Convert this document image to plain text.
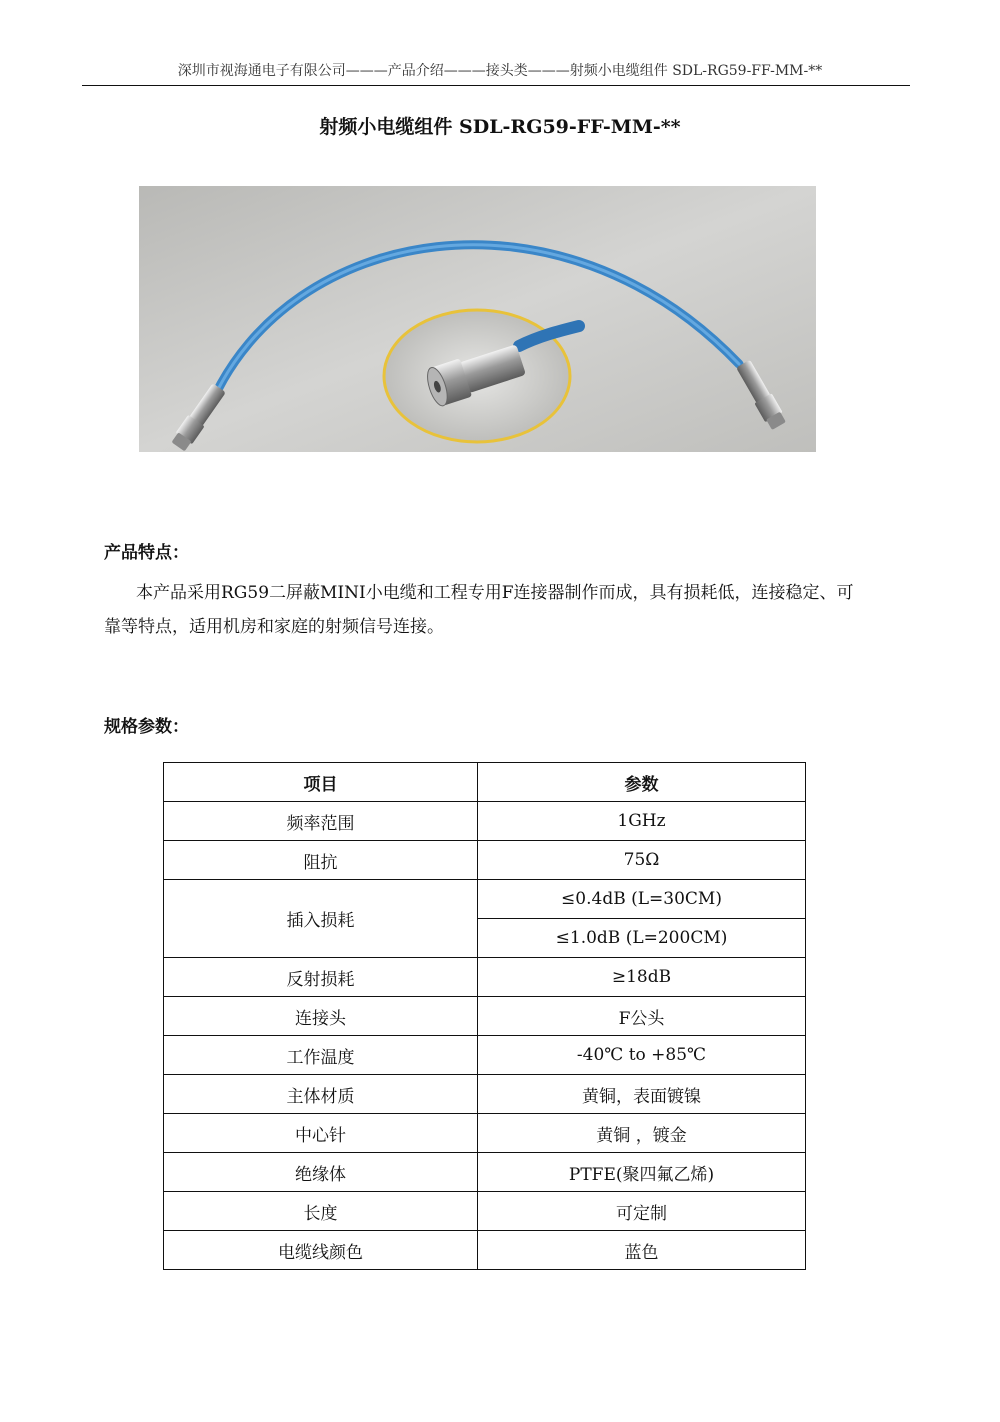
深圳市视海通电子有限公司———产品介绍———接头类———射频小电缆组件 SDL-RG59-FF-MM-**
射频小电缆组件 SDL-RG59-FF-MM-**
产品特点：
本产品采用RG59二屏蔽MINI小电缆和工程专用F连接器制作而成，具有损耗低，连接稳定、可靠等特点，适用机房和家庭的射频信号连接。
规格参数：
项目	参数
频率范围	1GHz
阻抗	75Ω
插入损耗	≤0.4dB (L=30CM)
	≤1.0dB (L=200CM)
反射损耗	≥18dB
连接头	F公头
工作温度	-40℃ to +85℃
主体材质	黄铜，表面镀镍
中心针	黄铜 ，镀金
绝缘体	PTFE(聚四氟乙烯)
长度	可定制
电缆线颜色	蓝色
